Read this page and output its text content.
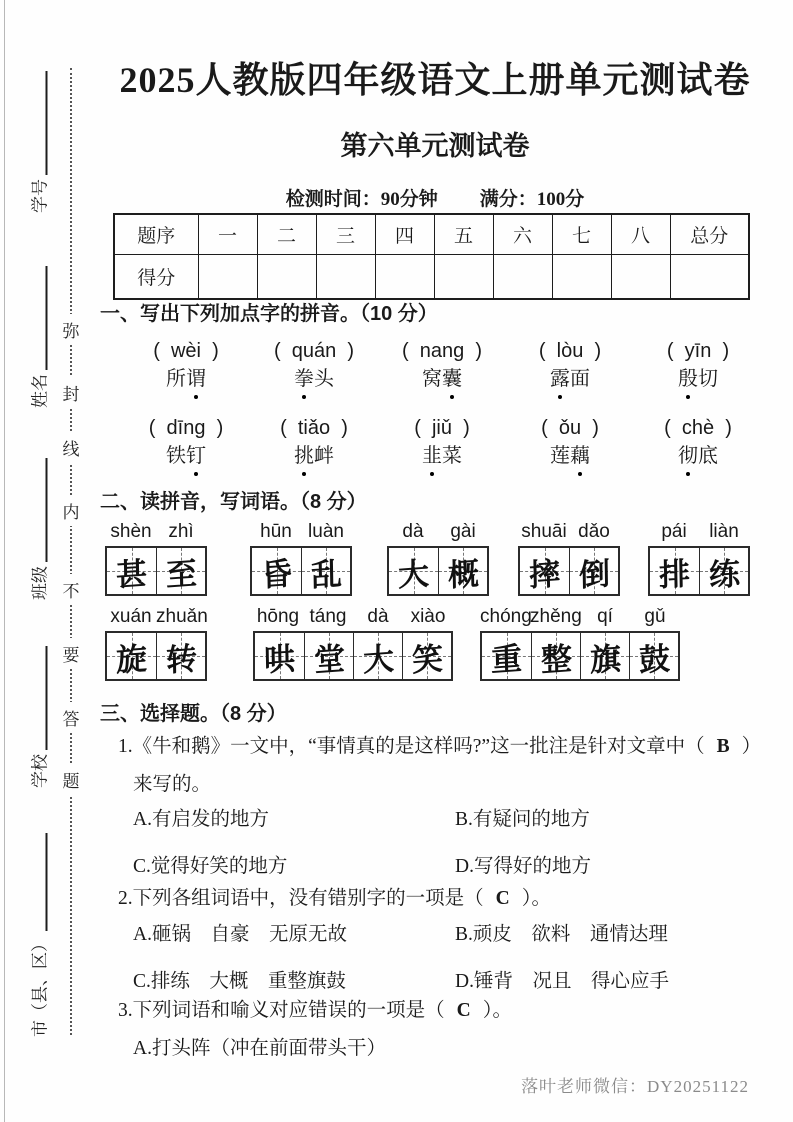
学号
姓名
班级
学校
市（县、区）
弥
封
线
内
不
要
答
题
2025人教版四年级语文上册单元测试卷
第六单元测试卷
检测时间：90分钟 满分：100分
题序	一	二	三	四	五	六	七	八	总分
得分									
一、写出下列加点字的拼音。（10 分）
(  wèi  )
所 谓
(  quán  )
拳 头
(  nang  )
窝 囊
(  lòu  )
露 面
(  yīn  )
殷 切
(  dīng  )
铁 钉
(  tiǎo  )
挑 衅
(  jiǔ  )
韭 菜
(  ǒu  )
莲 藕
(  chè  )
彻 底
二、读拼音，写词语。（8 分）
shèn zhì
甚 至
hūn luàn
昏 乱
dà	gài
大 概
shuāi dǎo
摔 倒
pái	liàn
排 练
xuán zhuǎn
旋 转
hōng táng	dà	xiào
哄 堂 大 笑
chóng
zhěng qí	gǔ
重 整 旗 鼓
三、选择题。（8 分）
1.《牛和鹅》一文中，“事情真的是这样吗?”这一批注是针对文章中（ B ）
来写的。
A.有启发的地方	B.有疑问的地方
C.觉得好笑的地方	D.写得好的地方
2.下列各组词语中，没有错别字的一项是（ C ）。
A.砸锅　自豪　无原无故	B.顽皮　欲料　通情达理
C.排练　大概　重整旗鼓	D.锤背　况且　得心应手
3.下列词语和喻义对应错误的一项是（ C ）。
A.打头阵（冲在前面带头干）
落叶老师微信：DY20251122
